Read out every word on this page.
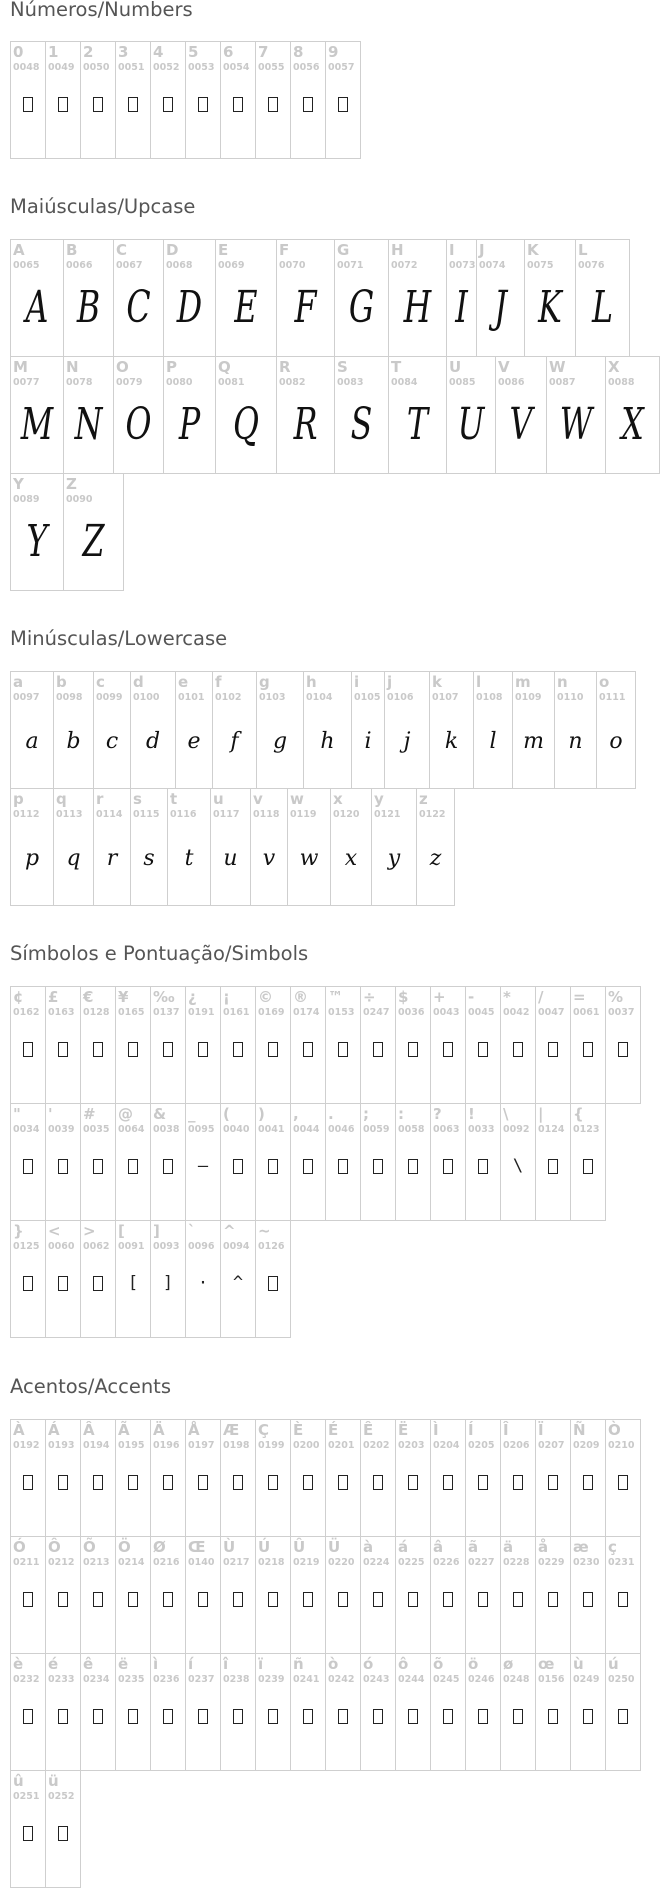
Números/Numbers
Maiúsculas/Upcase
Minúsculas/Lowercase
Símbolos e Pontuação/Simbols
Acentos/Accents
0
0048
1
0049
2
0050
3
0051
4
0052
5
0053
6
0054
7
0055
8
0056
9
0057
A
0065
A
B
0066
B
C
0067
C
D
0068
D
E
0069
E
F
0070
F
G
0071
G
H
0072
H
I
0073
I
J
0074
J
K
0075
K
L
0076
L
M
0077
M
N
0078
N
O
0079
O
P
0080
P
Q
0081
Q
R
0082
R
S
0083
S
T
0084
T
U
0085
U
V
0086
V
W
0087
W
X
0088
X
Y
0089
Y
Z
0090
Z
a
0097
a
b
0098
b
c
0099
c
d
0100
d
e
0101
e
f
0102
f
g
0103
g
h
0104
h
i
0105
i
j
0106
j
k
0107
k
l
0108
l
m
0109
m
n
0110
n
o
0111
o
p
0112
p
q
0113
q
r
0114
r
s
0115
s
t
0116
t
u
0117
u
v
0118
v
w
0119
w
x
0120
x
y
0121
y
z
0122
z
¢
0162
£
0163
€
0128
¥
0165
‰
0137
¿
0191
¡
0161
©
0169
®
0174
™
0153
÷
0247
$
0036
+
0043
-
0045
*
0042
/
0047
=
0061
%
0037
"
0034
'
0039
#
0035
@
0064
&
0038
_
0095
—
(
0040
)
0041
,
0044
.
0046
;
0059
:
0058
?
0063
!
0033
\
0092
\
|
0124
{
0123
}
0125
<
0060
>
0062
[
0091
[
]
0093
]
`
0096
·
^
0094
^
~
0126
À
0192
Á
0193
Â
0194
Ã
0195
Ä
0196
Å
0197
Æ
0198
Ç
0199
È
0200
É
0201
Ê
0202
Ë
0203
Ì
0204
Í
0205
Î
0206
Ï
0207
Ñ
0209
Ò
0210
Ó
0211
Ô
0212
Õ
0213
Ö
0214
Ø
0216
Œ
0140
Ù
0217
Ú
0218
Û
0219
Ü
0220
à
0224
á
0225
â
0226
ã
0227
ä
0228
å
0229
æ
0230
ç
0231
è
0232
é
0233
ê
0234
ë
0235
ì
0236
í
0237
î
0238
ï
0239
ñ
0241
ò
0242
ó
0243
ô
0244
õ
0245
ö
0246
ø
0248
œ
0156
ù
0249
ú
0250
û
0251
ü
0252
